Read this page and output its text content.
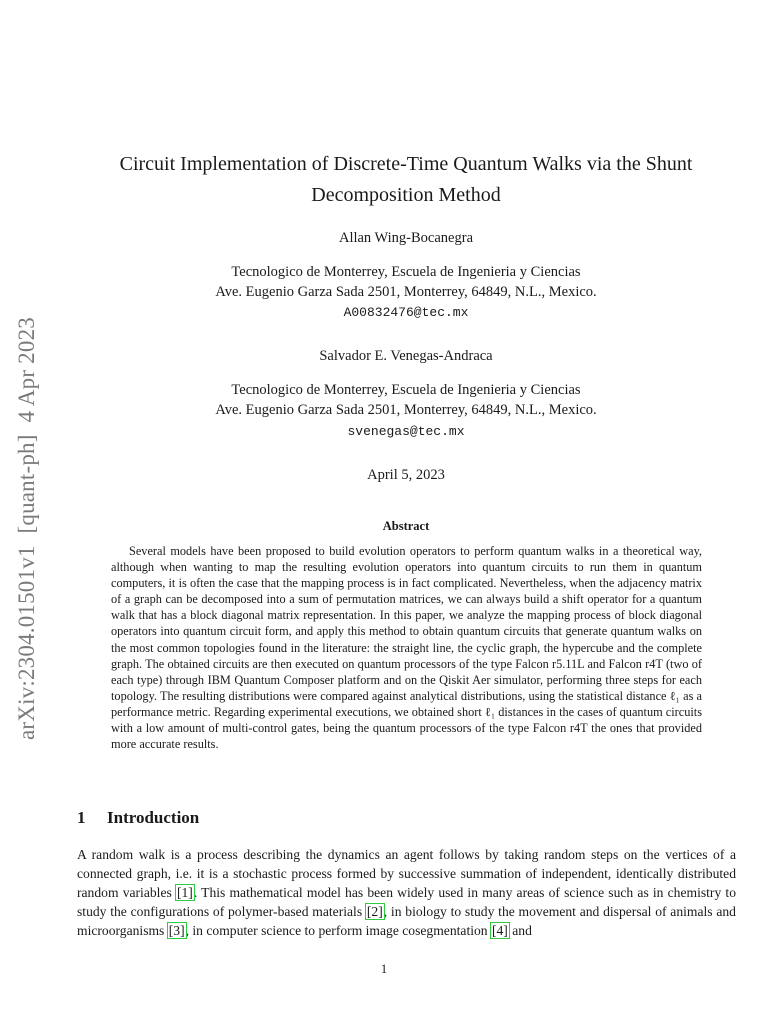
arXiv:2304.01501v1  [quant-ph]  4 Apr 2023
Circuit Implementation of Discrete-Time Quantum Walks via the Shunt Decomposition Method
Allan Wing-Bocanegra
Tecnologico de Monterrey, Escuela de Ingenieria y Ciencias
Ave. Eugenio Garza Sada 2501, Monterrey, 64849, N.L., Mexico.
A00832476@tec.mx
Salvador E. Venegas-Andraca
Tecnologico de Monterrey, Escuela de Ingenieria y Ciencias
Ave. Eugenio Garza Sada 2501, Monterrey, 64849, N.L., Mexico.
svenegas@tec.mx
April 5, 2023
Abstract
Several models have been proposed to build evolution operators to perform quantum walks in a theoretical way, although when wanting to map the resulting evolution operators into quantum circuits to run them in quantum computers, it is often the case that the mapping process is in fact complicated. Nevertheless, when the adjacency matrix of a graph can be decomposed into a sum of permutation matrices, we can always build a shift operator for a quantum walk that has a block diagonal matrix representation. In this paper, we analyze the mapping process of block diagonal operators into quantum circuit form, and apply this method to obtain quantum circuits that generate quantum walks on the most common topologies found in the literature: the straight line, the cyclic graph, the hypercube and the complete graph. The obtained circuits are then executed on quantum processors of the type Falcon r5.11L and Falcon r4T (two of each type) through IBM Quantum Composer platform and on the Qiskit Aer simulator, performing three steps for each topology. The resulting distributions were compared against analytical distributions, using the statistical distance ℓ₁ as a performance metric. Regarding experimental executions, we obtained short ℓ₁ distances in the cases of quantum circuits with a low amount of multi-control gates, being the quantum processors of the type Falcon r4T the ones that provided more accurate results.
1 Introduction
A random walk is a process describing the dynamics an agent follows by taking random steps on the vertices of a connected graph, i.e. it is a stochastic process formed by successive summation of independent, identically distributed random variables [1]. This mathematical model has been widely used in many areas of science such as in chemistry to study the configurations of polymer-based materials [2], in biology to study the movement and dispersal of animals and microorganisms [3], in computer science to perform image cosegmentation [4] and
1
